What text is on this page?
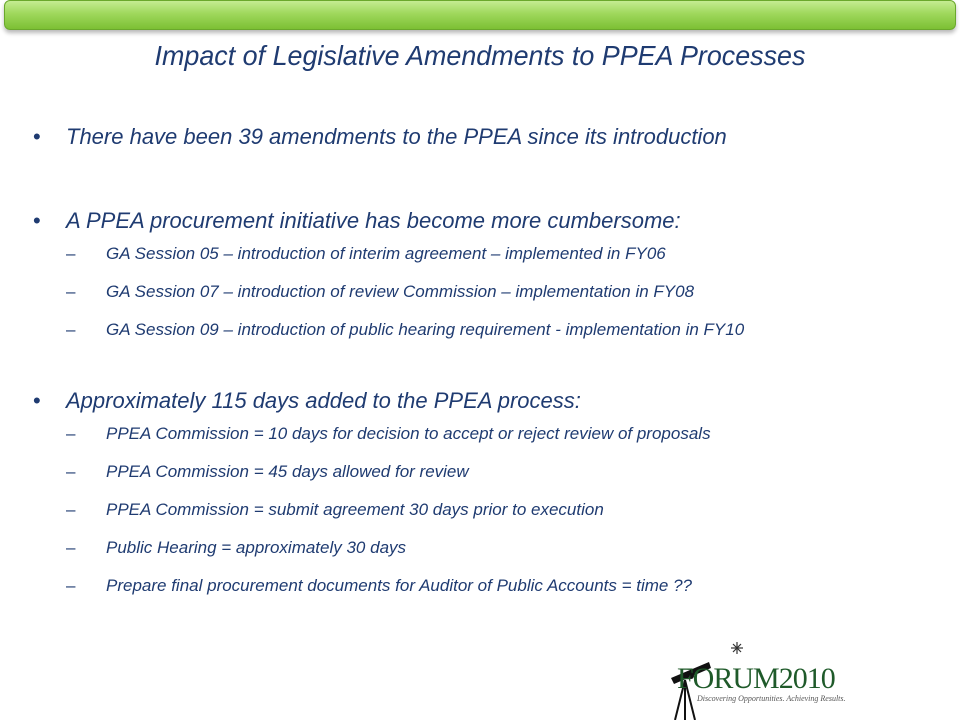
Impact of Legislative Amendments to PPEA Processes
• There have been 39 amendments to the PPEA since its introduction
• A PPEA procurement initiative has become more cumbersome:
– GA Session 05 – introduction of interim agreement – implemented in FY06
– GA Session 07 – introduction of review Commission – implementation in FY08
– GA Session 09 – introduction of public hearing requirement - implementation in FY10
• Approximately 115 days added to the PPEA process:
– PPEA Commission = 10 days for decision to accept or reject review of proposals
– PPEA Commission = 45 days allowed for review
– PPEA Commission = submit agreement 30 days prior to execution
– Public Hearing = approximately 30 days
– Prepare final procurement documents for Auditor of Public Accounts = time ??
FORUM2010
Discovering Opportunities. Achieving Results.
